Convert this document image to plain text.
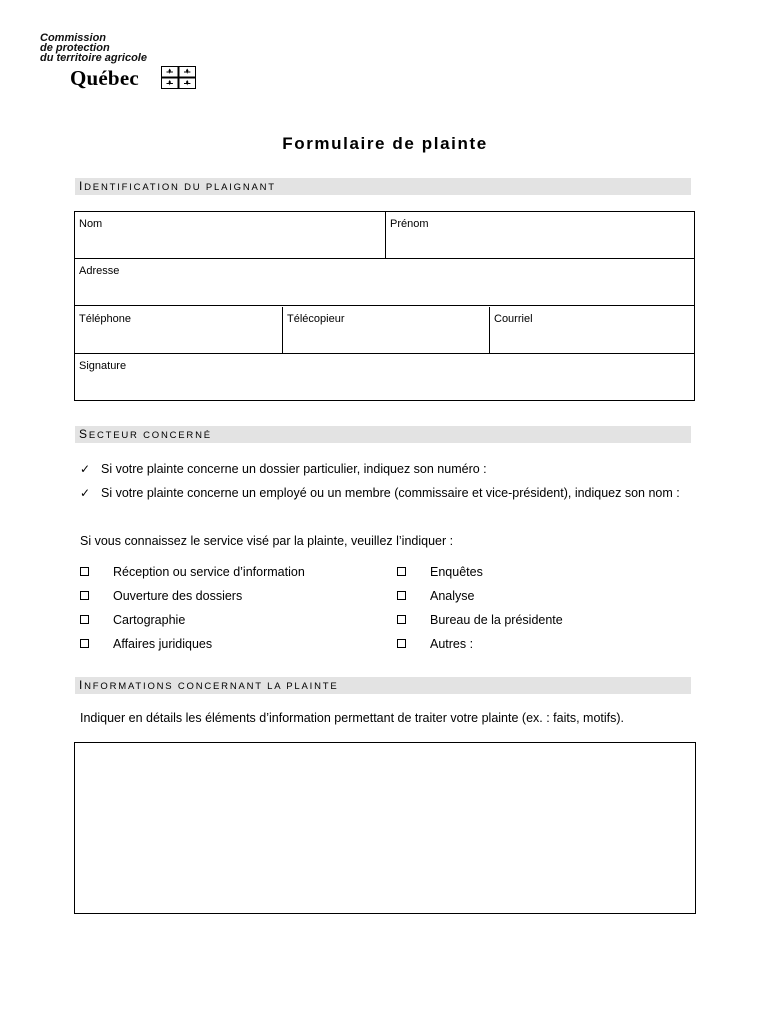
Commission
de protection
du territoire agricole
Québec
Formulaire de plainte
IDENTIFICATION DU PLAIGNANT
Nom	Prénom
Adresse
Téléphone	Télécopieur	Courriel
Signature
SECTEUR CONCERNÉ
✓ Si votre plainte concerne un dossier particulier, indiquez son numéro :
✓ Si votre plainte concerne un employé ou un membre (commissaire et vice-président), indiquez son nom :
Si vous connaissez le service visé par la plainte, veuillez l’indiquer :
Réception ou service d’information
Ouverture des dossiers
Cartographie
Affaires juridiques
Enquêtes
Analyse
Bureau de la présidente
Autres :
INFORMATIONS CONCERNANT LA PLAINTE
Indiquer en détails les éléments d’information permettant de traiter votre plainte (ex. : faits, motifs).
